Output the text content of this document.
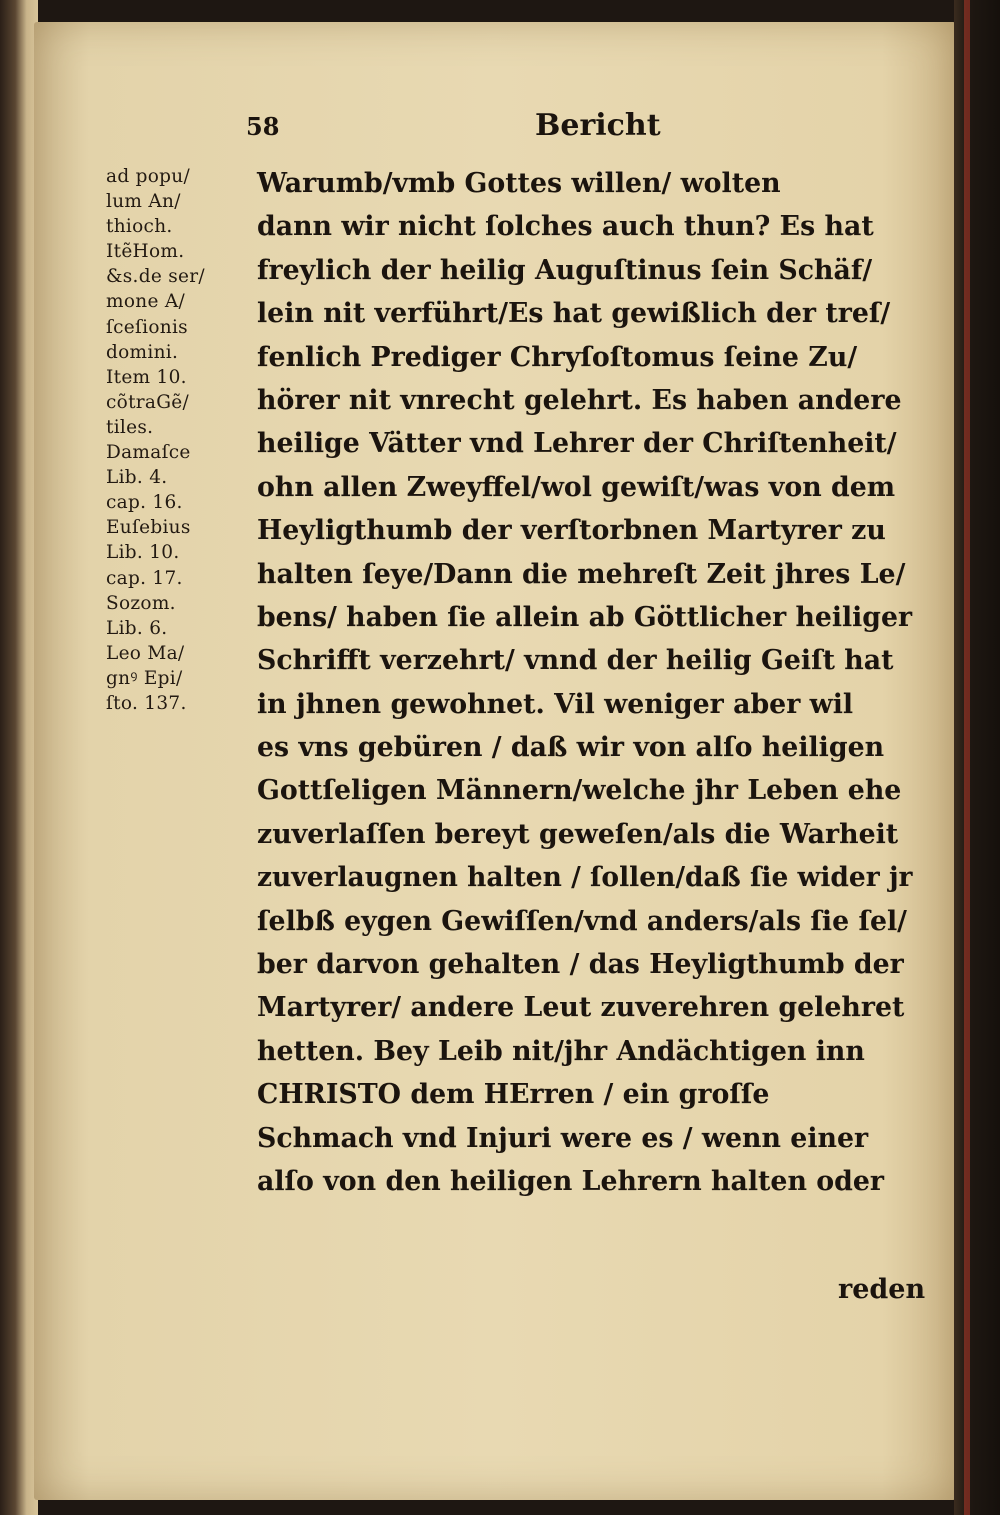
58	Bericht
ad popu/
lum An/
thioch.
ItẽHom.
&s.de ser/
mone A/
ſceſionis
domini.
Item 10.
cõtraGẽ/
tiles.
Damaſce
Lib. 4.
cap. 16.
Euſebius
Lib. 10.
cap. 17.
Sozom.
Lib. 6.
Leo Ma/
gnꝰ Epi/
ſto. 137.
Warumb/vmb Gottes willen/ wolten
dann wir nicht ſolches auch thun? Es hat
freylich der heilig Auguſtinus ſein Schäf/
lein nit verführt/Es hat gewißlich der treſ/
fenlich Prediger Chryſoſtomus ſeine Zu/
hörer nit vnrecht gelehrt. Es haben andere
heilige Vätter vnd Lehrer der Chriſtenheit/
ohn allen Zweyffel/wol gewiſt/was von dem
Heyligthumb der verſtorbnen Martyrer zu
halten ſeye/Dann die mehreſt Zeit jhres Le/
bens/ haben ſie allein ab Göttlicher heiliger
Schrifft verzehrt/ vnnd der heilig Geiſt hat
in jhnen gewohnet. Vil weniger aber wil
es vns gebüren / daß wir von alſo heiligen
Gottſeligen Männern/welche jhr Leben ehe
zuverlaſſen bereyt geweſen/als die Warheit
zuverlaugnen halten / ſollen/daß ſie wider jr
ſelbß eygen Gewiſſen/vnd anders/als ſie ſel/
ber darvon gehalten / das Heyligthumb der
Martyrer/ andere Leut zuverehren gelehret
hetten. Bey Leib nit/jhr Andächtigen inn
CHRISTO dem HErren / ein groſſe
Schmach vnd Injuri were es / wenn einer
alſo von den heiligen Lehrern halten oder
reden
